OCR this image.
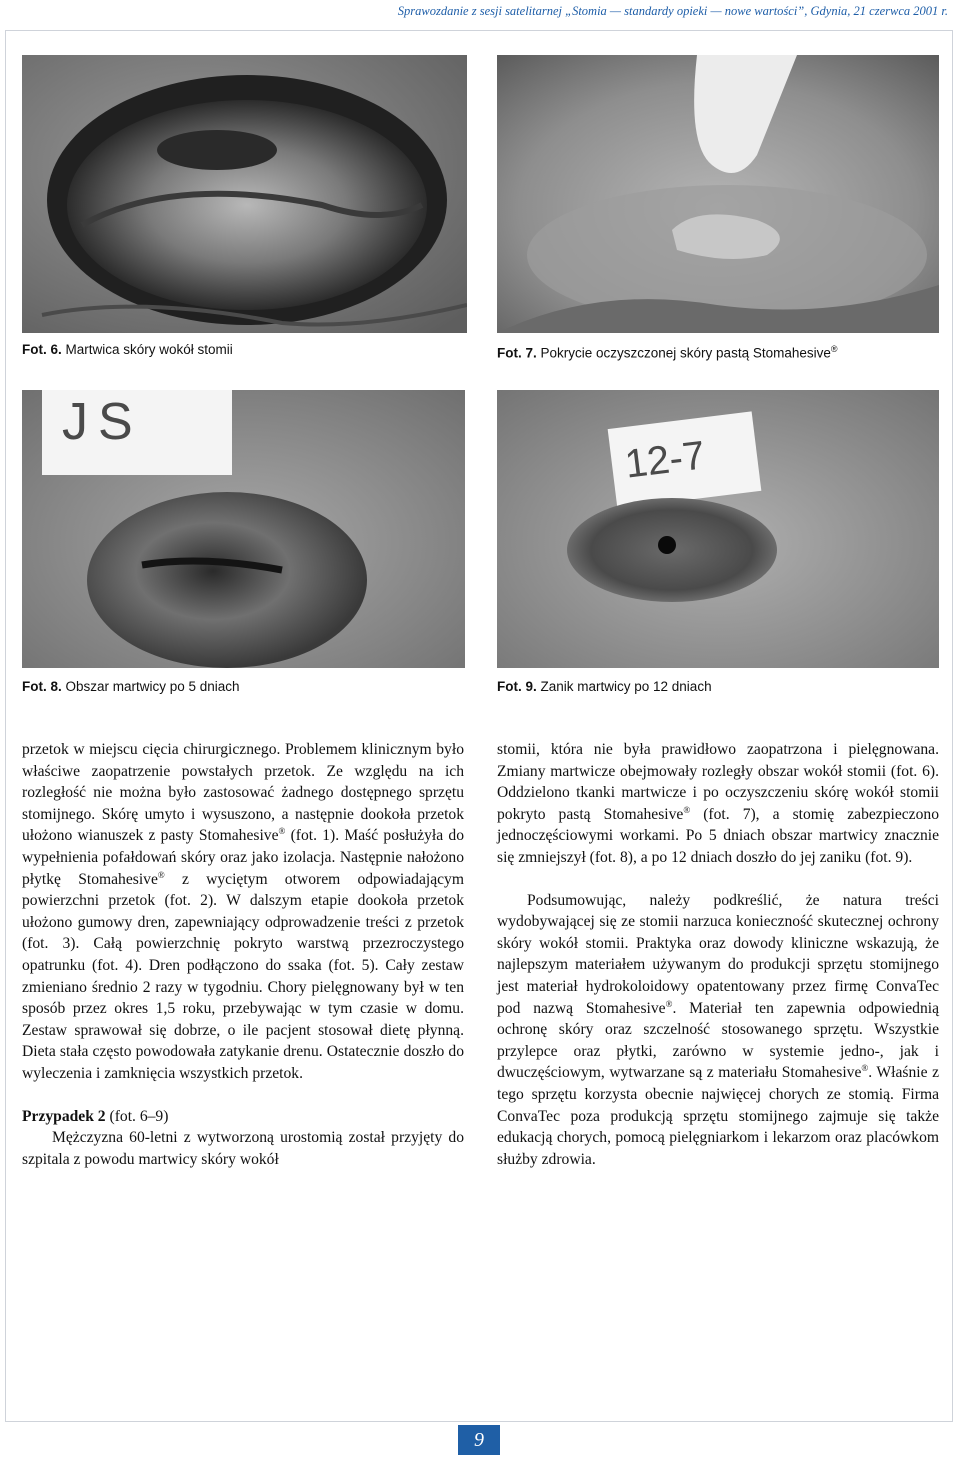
Sprawozdanie z sesji satelitarnej „Stomia — standardy opieki — nowe wartości”, Gdynia, 21 czerwca 2001 r.
JS
12-7
Fot. 6. Martwica skóry wokół stomii	Fot. 7. Pokrycie oczyszczonej skóry pastą Stomahesive®
Fot. 8. Obszar martwicy po 5 dniach	Fot. 9. Zanik martwicy po 12 dniach

przetok w miejscu cięcia chirurgicznego. Problemem klinicznym było właściwe zaopatrzenie powstałych przetok. Ze względu na ich rozległość nie można było zastosować żadnego dostępnego sprzętu stomijnego. Skórę umyto i wysuszono, a następnie dookoła przetok ułożono wianuszek z pasty Stomahesive® (fot. 1). Maść posłużyła do wypełnienia pofałdowań skóry oraz jako izolacja. Następnie nałożono płytkę Stomahesive® z wyciętym otworem odpowiadającym powierzchni przetok (fot. 2). W dalszym etapie dookoła przetok ułożono gumowy dren, zapewniający odprowadzenie treści z przetok (fot. 3). Całą powierzchnię pokryto warstwą przezroczystego opatrunku (fot. 4). Dren podłączono do ssaka (fot. 5). Cały zestaw zmieniano średnio 2 razy w tygodniu. Chory pielęgnowany był w ten sposób przez okres 1,5 roku, przebywając w tym czasie w domu. Zestaw sprawował się dobrze, o ile pacjent stosował dietę płynną. Dieta stała często powodowała zatykanie drenu. Ostatecznie doszło do wyleczenia i zamknięcia wszystkich przetok.

Przypadek 2 (fot. 6–9)

Mężczyzna 60-letni z wytworzoną urostomią został przyjęty do szpitala z powodu martwicy skóry wokół

stomii, która nie była prawidłowo zaopatrzona i pielęgnowana. Zmiany martwicze obejmowały rozległy obszar wokół stomii (fot. 6). Oddzielono tkanki martwicze i po oczyszczeniu skórę wokół stomii pokryto pastą Stomahesive® (fot. 7), a stomię zabezpieczono jednoczęściowymi workami. Po 5 dniach obszar martwicy znacznie się zmniejszył (fot. 8), a po 12 dniach doszło do jej zaniku (fot. 9).

Podsumowując, należy podkreślić, że natura treści wydobywającej się ze stomii narzuca konieczność skutecznej ochrony skóry wokół stomii. Praktyka oraz dowody kliniczne wskazują, że najlepszym materiałem używanym do produkcji sprzętu stomijnego jest materiał hydrokoloidowy opatentowany przez firmę ConvaTec pod nazwą Stomahesive®. Materiał ten zapewnia odpowiednią ochronę skóry oraz szczelność stosowanego sprzętu. Wszystkie przylepce oraz płytki, zarówno w systemie jedno-, jak i dwuczęściowym, wytwarzane są z materiału Stomahesive®. Właśnie z tego sprzętu korzysta obecnie najwięcej chorych ze stomią. Firma ConvaTec poza produkcją sprzętu stomijnego zajmuje się także edukacją chorych, pomocą pielęgniarkom i lekarzom oraz placówkom służby zdrowia.

9
